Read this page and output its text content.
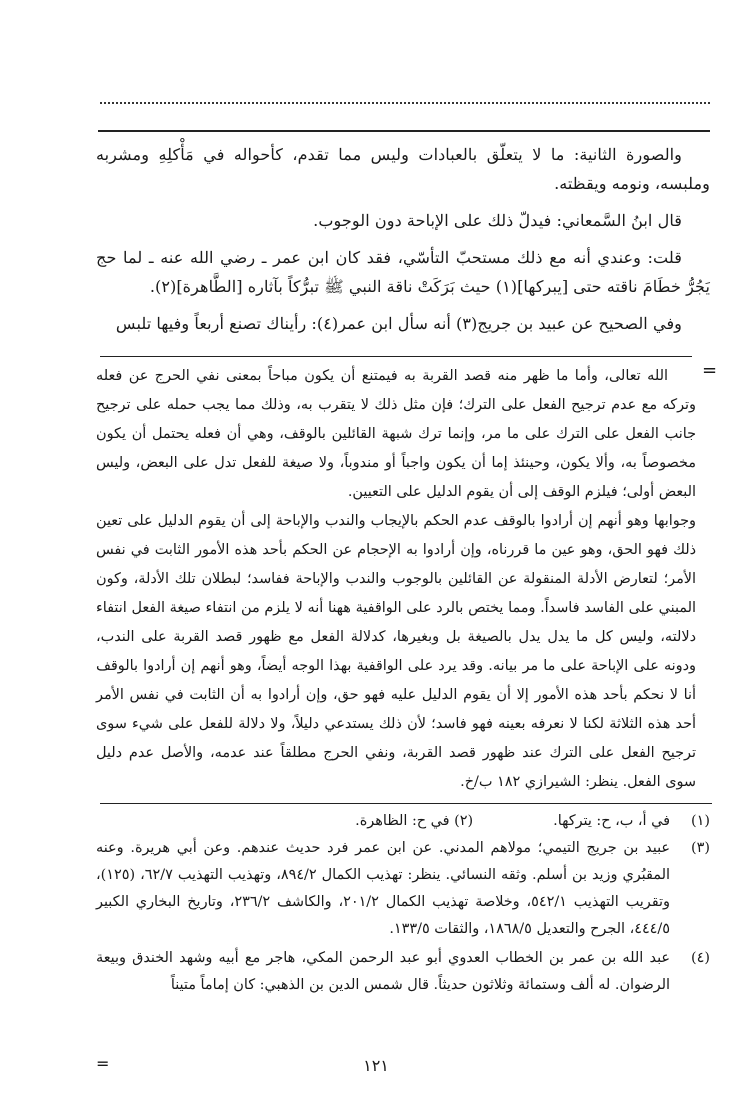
والصورة الثانية: ما لا يتعلّق بالعبادات وليس مما تقدم، كأحواله في مَأْكلِهِ ومشربه وملبسه، ونومه ويقظته.

قال ابنُ السَّمعاني: فيدلّ ذلك على الإباحة دون الوجوب.

قلت: وعندي أنه مع ذلك مستحبّ التأسّي، فقد كان ابن عمر ـ رضي الله عنه ـ لما حج يَجُرُّ خطَامَ ناقته حتى [يبركها](١) حيث بَرَكَتْ ناقة النبي ﷺ تبرُّكاً بآثاره [الطَّاهرة](٢).

وفي الصحيح عن عبيد بن جريج(٣) أنه سأل ابن عمر(٤): رأيناك تصنع أربعاً وفيها تلبس

=

الله تعالى، وأما ما ظهر منه قصد القربة به فيمتنع أن يكون مباحاً بمعنى نفي الحرج عن فعله وتركه مع عدم ترجيح الفعل على الترك؛ فإن مثل ذلك لا يتقرب به، وذلك مما يجب حمله على ترجيح جانب الفعل على الترك على ما مر، وإنما ترك شبهة القائلين بالوقف، وهي أن فعله يحتمل أن يكون مخصوصاً به، وألا يكون، وحينئذ إما أن يكون واجباً أو مندوباً، ولا صيغة للفعل تدل على البعض، وليس البعض أولى؛ فيلزم الوقف إلى أن يقوم الدليل على التعيين.

وجوابها وهو أنهم إن أرادوا بالوقف عدم الحكم بالإيجاب والندب والإباحة إلى أن يقوم الدليل على تعين ذلك فهو الحق، وهو عين ما قررناه، وإن أرادوا به الإحجام عن الحكم بأحد هذه الأمور الثابت في نفس الأمر؛ لتعارض الأدلة المنقولة عن القائلين بالوجوب والندب والإباحة ففاسد؛ لبطلان تلك الأدلة، وكون المبني على الفاسد فاسداً. ومما يختص بالرد على الواقفية ههنا أنه لا يلزم من انتفاء صيغة الفعل انتفاء دلالته، وليس كل ما يدل يدل بالصيغة بل وبغيرها، كدلالة الفعل مع ظهور قصد القربة على الندب، ودونه على الإباحة على ما مر بيانه. وقد يرد على الواقفية بهذا الوجه أيضاً، وهو أنهم إن أرادوا بالوقف أنا لا نحكم بأحد هذه الأمور إلا أن يقوم الدليل عليه فهو حق، وإن أرادوا به أن الثابت في نفس الأمر أحد هذه الثلاثة لكنا لا نعرفه بعينه فهو فاسد؛ لأن ذلك يستدعي دليلاً، ولا دلالة للفعل على شيء سوى ترجيح الفعل على الترك عند ظهور قصد القربة، ونفي الحرج مطلقاً عند عدمه، والأصل عدم دليل سوى الفعل. ينظر: الشيرازي ١٨٢ ب/خ.

(١)
في أ، ب، ح: يتركها.
(٢) في ح: الظاهرة.
(٣)
عبيد بن جريج التيمي؛ مولاهم المدني. عن ابن عمر فرد حديث عندهم. وعن أبي هريرة. وعنه المقبُري وزيد بن أسلم. وثقه النسائي. ينظر: تهذيب الكمال ٨٩٤/٢، وتهذيب التهذيب ٦٢/٧، (١٢٥)، وتقريب التهذيب ٥٤٢/١، وخلاصة تهذيب الكمال ٢٠١/٢، والكاشف ٢٣٦/٢، وتاريخ البخاري الكبير ٤٤٤/٥، الجرح والتعديل ١٨٦٨/٥، والثقات ١٣٣/٥.
(٤)
عبد الله بن عمر بن الخطاب العدوي أبو عبد الرحمن المكي، هاجر مع أبيه وشهد الخندق وبيعة الرضوان. له ألف وستمائة وثلاثون حديثاً. قال شمس الدين بن الذهبي: كان إماماً متيناً
=	١٢١
